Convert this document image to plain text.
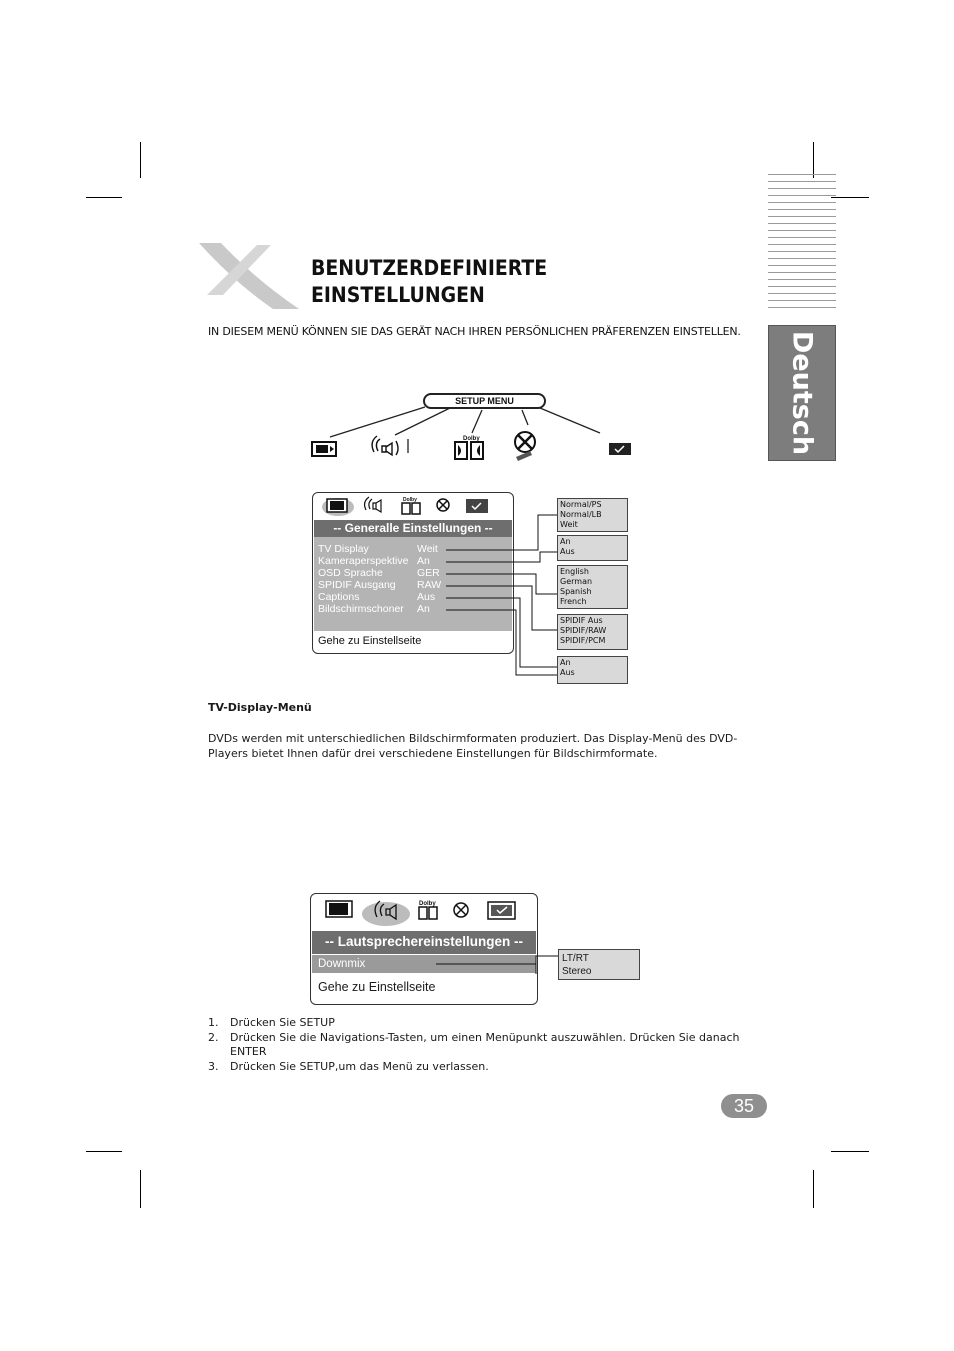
Deutsch
BENUTZERDEFINIERTE
EINSTELLUNGEN
IN DIESEM MENÜ KÖNNEN SIE DAS GERÄT NACH IHREN PERSÖNLICHEN PRÄFERENZEN EINSTELLEN.
SETUP MENU
Dolby
Dolby
-- Generalle Einstellungen --
TV Display	Weit
Kameraperspektive An
OSD Sprache	GER
SPIDIF Ausgang RAW
Captions	Aus
Bildschirmschoner An
Gehe zu Einstellseite
Normal/PS
Normal/LB
Weit
An
Aus
English
German
Spanish
French
SPIDIF Aus
SPIDIF/RAW
SPIDIF/PCM
An
Aus
TV-Display-Menü
DVDs werden mit unterschiedlichen Bildschirmformaten produziert. Das Display-Menü des DVD-Players bietet Ihnen dafür drei verschiedene Einstellungen für Bildschirmformate.
Dolby
-- Lautsprechereinstellungen --
Downmix	LT/RT
Stereo
Gehe zu Einstellseite
1. Drücken Sie SETUP
2. Drücken Sie die Navigations-Tasten, um einen Menüpunkt auszuwählen. Drücken Sie danach ENTER
3. Drücken Sie SETUP,um das Menü zu verlassen.
35
